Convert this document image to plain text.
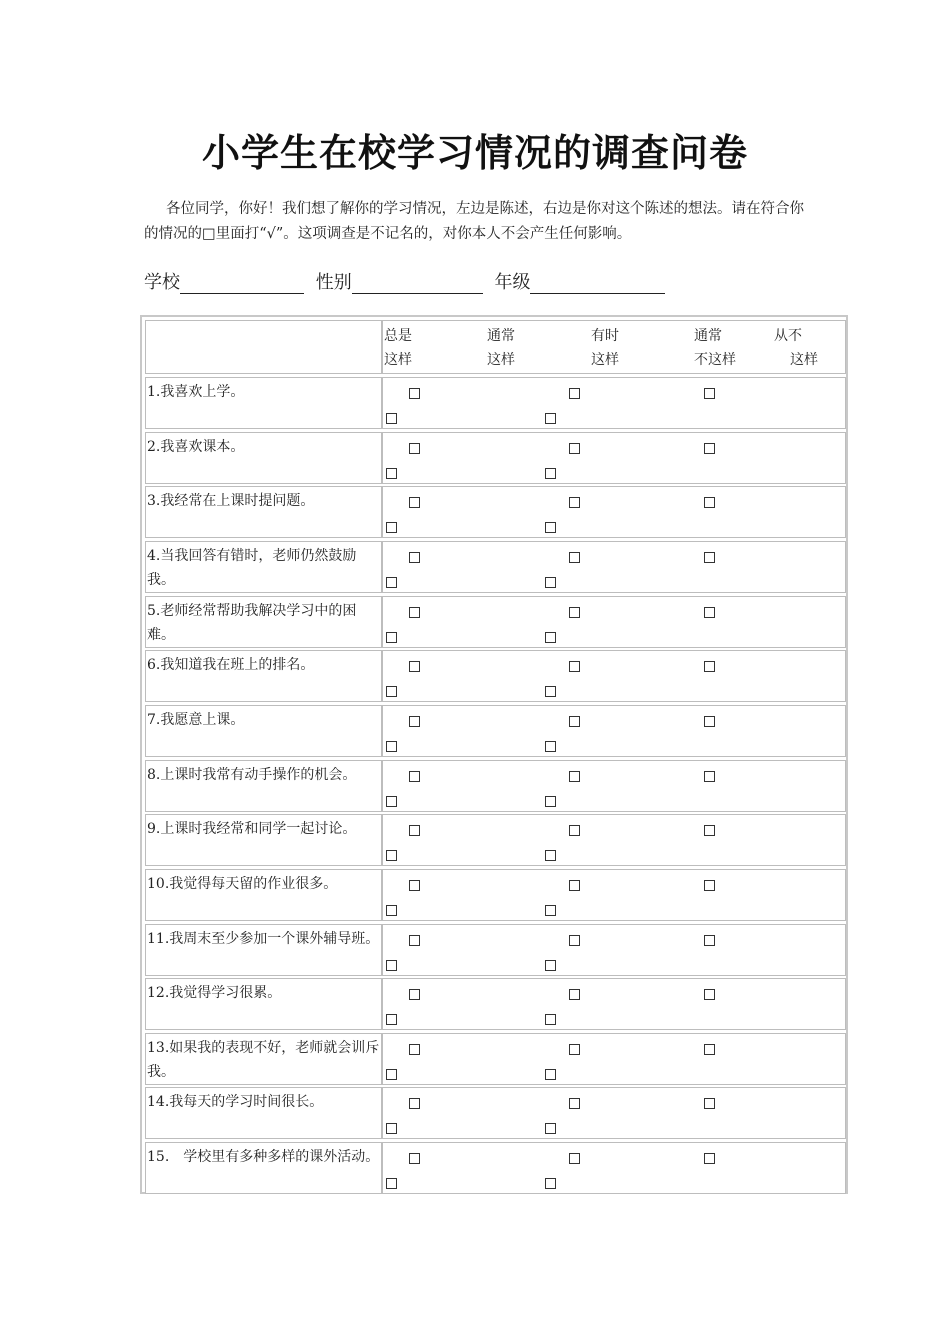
小学生在校学习情况的调查问卷

各位同学，你好！我们想了解你的学习情况，左边是陈述，右边是你对这个陈述的想法。请在符合你的情况的□里面打“√”。这项调查是不记名的，对你本人不会产生任何影响。

学校	性别	年级
总是
这样
通常
这样
有时
这样
通常
不这样
从不
这样
1.我喜欢上学。
2.我喜欢课本。
3.我经常在上课时提问题。
4.当我回答有错时，老师仍然鼓励我。
5.老师经常帮助我解决学习中的困难。
6.我知道我在班上的排名。
7.我愿意上课。
8.上课时我常有动手操作的机会。
9.上课时我经常和同学一起讨论。
10.我觉得每天留的作业很多。
11.我周末至少参加一个课外辅导班。
12.我觉得学习很累。
13.如果我的表现不好，老师就会训斥我。
14.我每天的学习时间很长。
15.　学校里有多种多样的课外活动。
